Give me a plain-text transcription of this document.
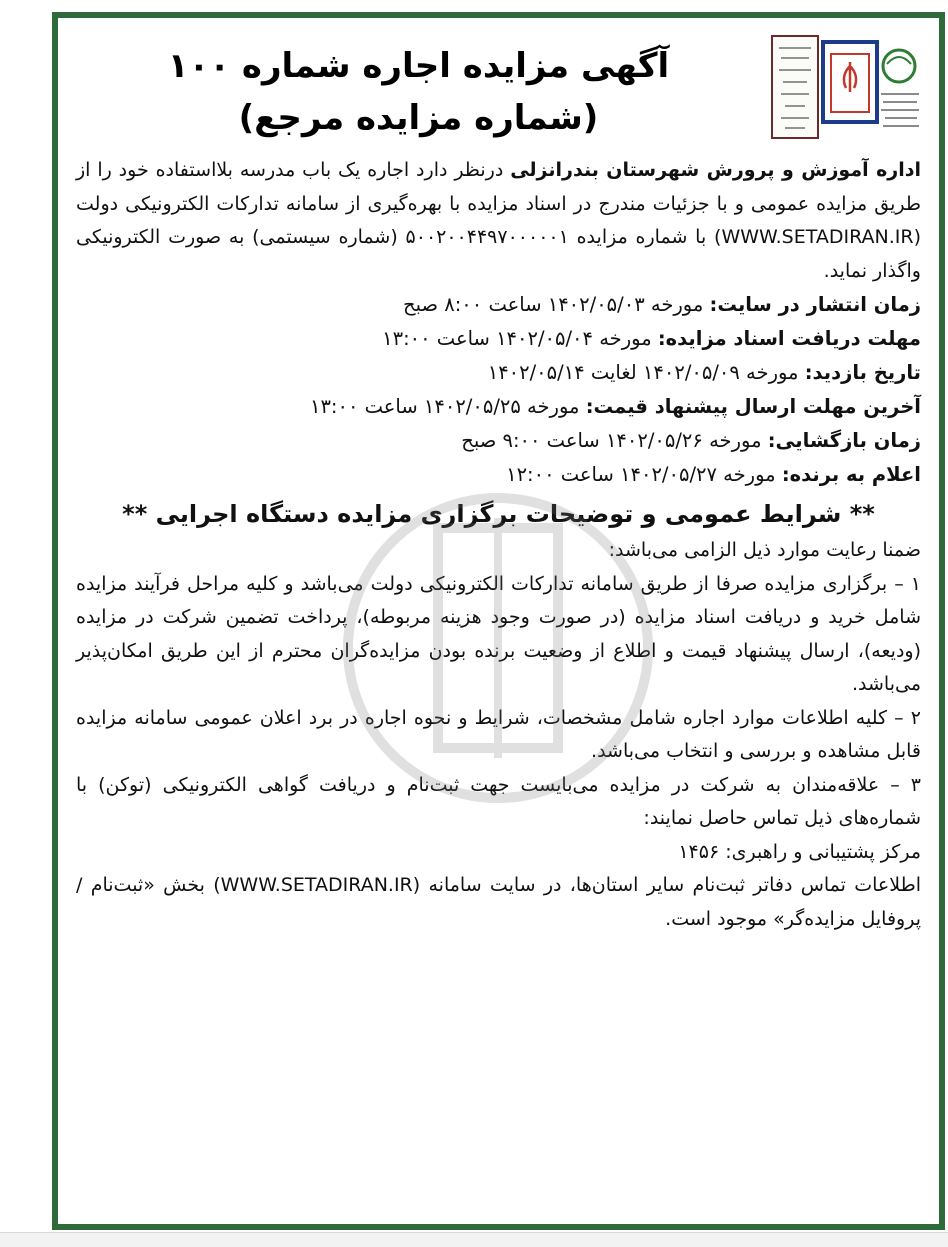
آگهی مزایده اجاره شماره ۱۰۰
(شماره مزایده مرجع)

اداره آموزش و پرورش شهرستان بندرانزلی درنظر دارد اجاره یک باب مدرسه بلااستفاده خود را از طریق مزایده عمومی و با جزئیات مندرج در اسناد مزایده با بهره‌گیری از سامانه تدارکات الکترونیکی دولت (WWW.SETADIRAN.IR) با شماره مزایده ۵۰۰۲۰۰۴۴۹۷۰۰۰۰۰۱ (شماره سیستمی) به صورت الکترونیکی واگذار نماید.

زمان انتشار در سایت: مورخه ۱۴۰۲/۰۵/۰۳ ساعت ۸:۰۰ صبح
مهلت دریافت اسناد مزایده: مورخه ۱۴۰۲/۰۵/۰۴ ساعت ۱۳:۰۰
تاریخ بازدید: مورخه ۱۴۰۲/۰۵/۰۹ لغایت ۱۴۰۲/۰۵/۱۴
آخرین مهلت ارسال پیشنهاد قیمت: مورخه ۱۴۰۲/۰۵/۲۵ ساعت ۱۳:۰۰
زمان بازگشایی: مورخه ۱۴۰۲/۰۵/۲۶ ساعت ۹:۰۰ صبح
اعلام به برنده: مورخه ۱۴۰۲/۰۵/۲۷ ساعت ۱۲:۰۰
** شرایط عمومی و توضیحات برگزاری مزایده دستگاه اجرایی **

ضمنا رعایت موارد ذیل الزامی می‌باشد:

۱ – برگزاری مزایده صرفا از طریق سامانه تدارکات الکترونیکی دولت می‌باشد و کلیه مراحل فرآیند مزایده شامل خرید و دریافت اسناد مزایده (در صورت وجود هزینه مربوطه)، پرداخت تضمین شرکت در مزایده (ودیعه)، ارسال پیشنهاد قیمت و اطلاع از وضعیت برنده بودن مزایده‌گران محترم از این طریق امکان‌پذیر می‌باشد.

۲ – کلیه اطلاعات موارد اجاره شامل مشخصات، شرایط و نحوه اجاره در برد اعلان عمومی سامانه مزایده قابل مشاهده و بررسی و انتخاب می‌باشد.

۳ – علاقه‌مندان به شرکت در مزایده می‌بایست جهت ثبت‌نام و دریافت گواهی الکترونیکی (توکن) با شماره‌های ذیل تماس حاصل نمایند:

مرکز پشتیبانی و راهبری: ۱۴۵۶

اطلاعات تماس دفاتر ثبت‌نام سایر استان‌ها، در سایت سامانه (WWW.SETADIRAN.IR) بخش «ثبت‌نام / پروفایل مزایده‌گر» موجود است.
